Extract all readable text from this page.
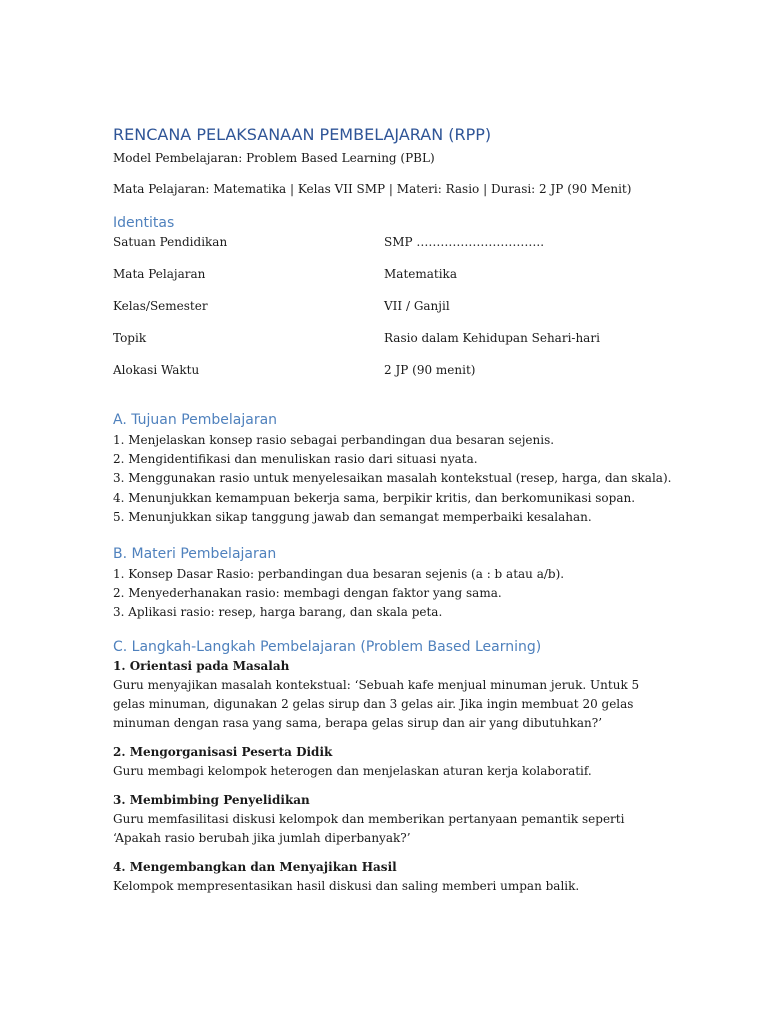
RENCANA PELAKSANAAN PEMBELAJARAN (RPP)

Model Pembelajaran: Problem Based Learning (PBL)

Mata Pelajaran: Matematika | Kelas VII SMP | Materi: Rasio | Durasi: 2 JP (90 Menit)

Identitas
Satuan Pendidikan	SMP …………………………..
Mata Pelajaran	Matematika
Kelas/Semester	VII / Ganjil
Topik	Rasio dalam Kehidupan Sehari-hari
Alokasi Waktu	2 JP (90 menit)
A. Tujuan Pembelajaran
1. Menjelaskan konsep rasio sebagai perbandingan dua besaran sejenis.
2. Mengidentifikasi dan menuliskan rasio dari situasi nyata.
3. Menggunakan rasio untuk menyelesaikan masalah kontekstual (resep, harga, dan skala).
4. Menunjukkan kemampuan bekerja sama, berpikir kritis, dan berkomunikasi sopan.
5. Menunjukkan sikap tanggung jawab dan semangat memperbaiki kesalahan.
B. Materi Pembelajaran
1. Konsep Dasar Rasio: perbandingan dua besaran sejenis (a : b atau a/b).
2. Menyederhanakan rasio: membagi dengan faktor yang sama.
3. Aplikasi rasio: resep, harga barang, dan skala peta.
C. Langkah-Langkah Pembelajaran (Problem Based Learning)

1. Orientasi pada Masalah

Guru menyajikan masalah kontekstual: ‘Sebuah kafe menjual minuman jeruk. Untuk 5 gelas minuman, digunakan 2 gelas sirup dan 3 gelas air. Jika ingin membuat 20 gelas minuman dengan rasa yang sama, berapa gelas sirup dan air yang dibutuhkan?’

2. Mengorganisasi Peserta Didik

Guru membagi kelompok heterogen dan menjelaskan aturan kerja kolaboratif.

3. Membimbing Penyelidikan

Guru memfasilitasi diskusi kelompok dan memberikan pertanyaan pemantik seperti ‘Apakah rasio berubah jika jumlah diperbanyak?’

4. Mengembangkan dan Menyajikan Hasil

Kelompok mempresentasikan hasil diskusi dan saling memberi umpan balik.
